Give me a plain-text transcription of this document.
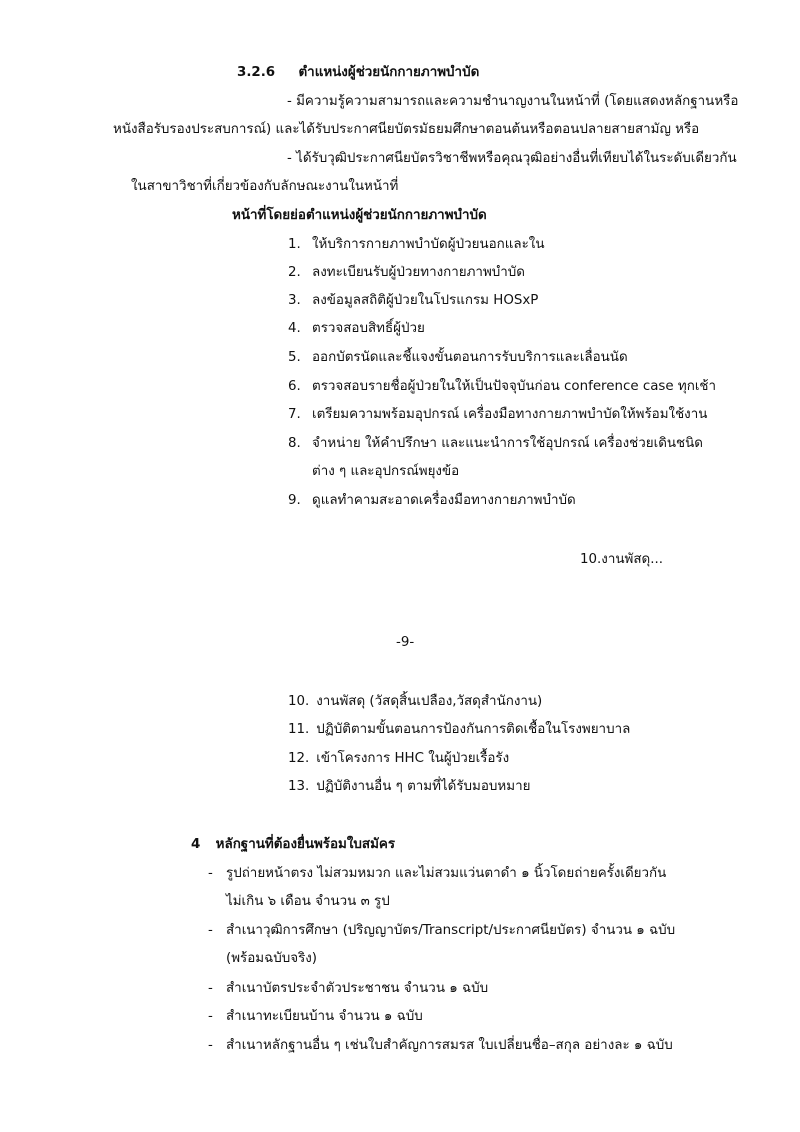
3.2.6 ตำแหน่งผู้ช่วยนักกายภาพบำบัด
- มีความรู้ความสามารถและความชำนาญงานในหน้าที่ (โดยแสดงหลักฐานหรือ
หนังสือรับรองประสบการณ์) และได้รับประกาศนียบัตรมัธยมศึกษาตอนต้นหรือตอนปลายสายสามัญ หรือ
- ได้รับวุฒิประกาศนียบัตรวิชาชีพหรือคุณวุฒิอย่างอื่นที่เทียบได้ในระดับเดียวกัน
ในสาขาวิชาที่เกี่ยวข้องกับลักษณะงานในหน้าที่
หน้าที่โดยย่อตำแหน่งผู้ช่วยนักกายภาพบำบัด
1. ให้บริการกายภาพบำบัดผู้ป่วยนอกและใน
2. ลงทะเบียนรับผู้ป่วยทางกายภาพบำบัด
3. ลงข้อมูลสถิติผู้ป่วยในโปรแกรม HOSxP
4. ตรวจสอบสิทธิ์ผู้ป่วย
5. ออกบัตรนัดและชี้แจงขั้นตอนการรับบริการและเลื่อนนัด
6. ตรวจสอบรายชื่อผู้ป่วยในให้เป็นปัจจุบันก่อน conference case ทุกเช้า
7. เตรียมความพร้อมอุปกรณ์ เครื่องมือทางกายภาพบำบัดให้พร้อมใช้งาน
8. จำหน่าย ให้คำปรึกษา และแนะนำการใช้อุปกรณ์ เครื่องช่วยเดินชนิด
ต่าง ๆ และอุปกรณ์พยุงข้อ
9. ดูแลทำคามสะอาดเครื่องมือทางกายภาพบำบัด
10.งานพัสดุ...
-9-
10. งานพัสดุ (วัสดุสิ้นเปลือง,วัสดุสำนักงาน)
11. ปฏิบัติตามขั้นตอนการป้องกันการติดเชื้อในโรงพยาบาล
12. เข้าโครงการ HHC ในผู้ป่วยเรื้อรัง
13. ปฏิบัติงานอื่น ๆ ตามที่ได้รับมอบหมาย
4 หลักฐานที่ต้องยื่นพร้อมใบสมัคร
- รูปถ่ายหน้าตรง ไม่สวมหมวก และไม่สวมแว่นตาดำ ๑ นิ้วโดยถ่ายครั้งเดียวกัน
ไม่เกิน ๖ เดือน จำนวน ๓ รูป
- สำเนาวุฒิการศึกษา (ปริญญาบัตร/Transcript/ประกาศนียบัตร) จำนวน ๑ ฉบับ
(พร้อมฉบับจริง)
- สำเนาบัตรประจำตัวประชาชน จำนวน ๑ ฉบับ
- สำเนาทะเบียนบ้าน จำนวน ๑ ฉบับ
- สำเนาหลักฐานอื่น ๆ เช่นใบสำคัญการสมรส ใบเปลี่ยนชื่อ–สกุล อย่างละ ๑ ฉบับ
